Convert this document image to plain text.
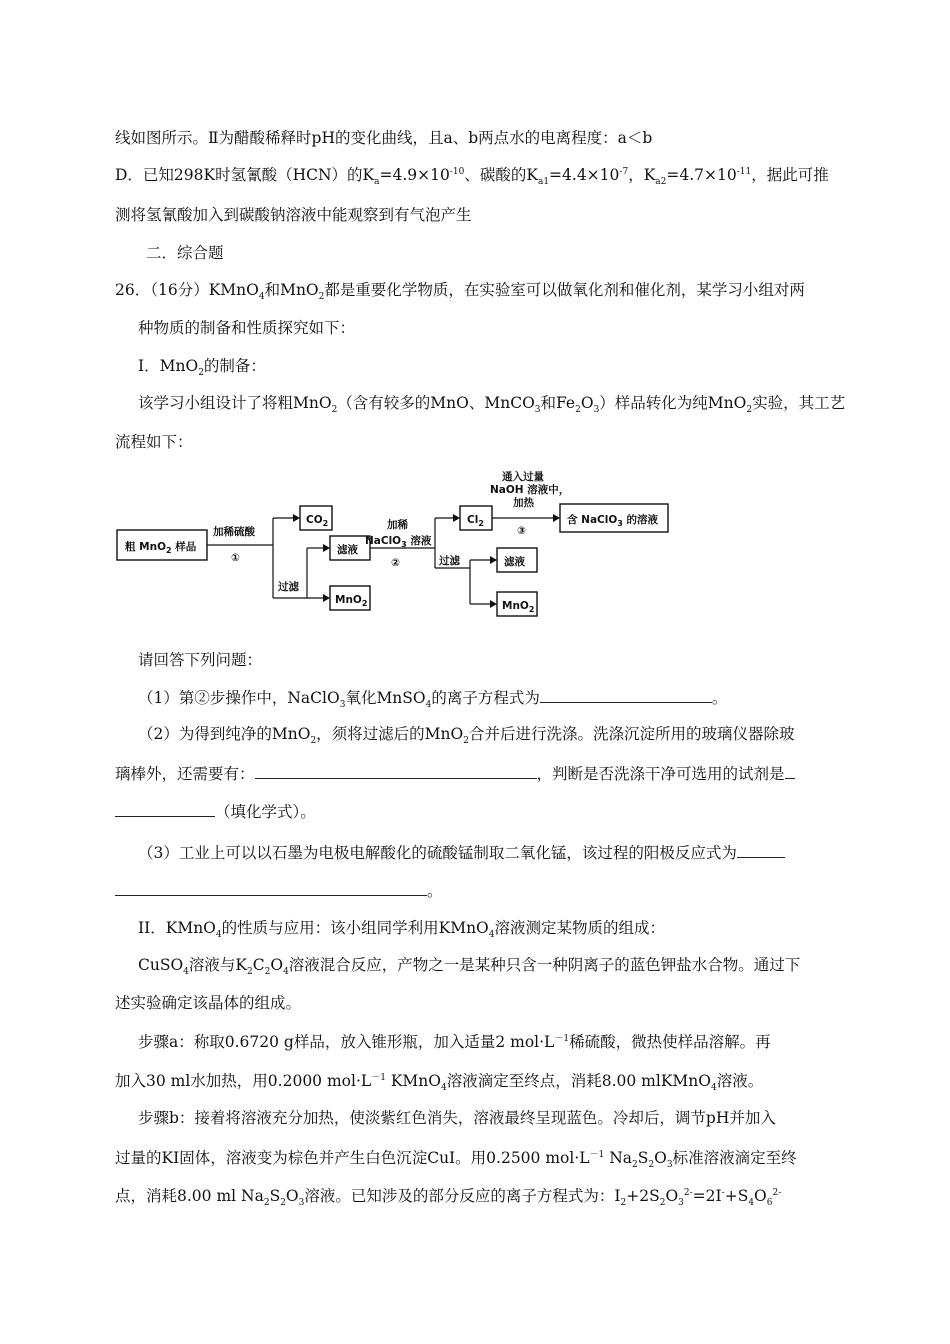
线如图所示。Ⅱ为醋酸稀释时pH的变化曲线，且a、b两点水的电离程度：a＜b
D．已知298K时氢氰酸（HCN）的$K_a=4.9\times 10^{-10}$、碳酸的$K_{a1}=4.4\times 10^{-7}$，$K_{a2}=4.7\times 10^{-11}$，据此可推
测将氢氰酸加入到碳酸钠溶液中能观察到有气泡产生
二．综合题
26．（16分）KMnO$_4$和MnO$_2$都是重要化学物质，在实验室可以做氧化剂和催化剂，某学习小组对两
种物质的制备和性质探究如下：
I．MnO$_2$的制备：
该学习小组设计了将粗MnO$_2$（含有较多的MnO、MnCO$_3$和$Fe_2O_3$）样品转化为纯MnO$_2$实验，其工艺
流程如下：
粗 MnO$_2$ 样品
加稀硫酸
①
$CO_2$
过滤
滤液
MnO$_2$
加稀
NaClO$_3$ 溶液
②
$Cl_2$
过滤	滤液
MnO$_2$
通入过量
NaOH 溶液中，
加热
③
含 NaClO$_3$ 的溶液
请回答下列问题：
（1）第②步操作中，NaClO$_3$氧化MnSO$_4$的离子方程式为	。
（2）为得到纯净的MnO$_2$，须将过滤后的MnO$_2$合并后进行洗涤。洗涤沉淀所用的玻璃仪器除玻
璃棒外，还需要有：	，判断是否洗涤干净可选用的试剂是
（填化学式）。
（3）工业上可以以石墨为电极电解酸化的硫酸锰制取二氧化锰，该过程的阳极反应式为
。
II．KMnO$_4$的性质与应用：该小组同学利用KMnO$_4$溶液测定某物质的组成：
CuSO$_4$溶液与$K_2C_2O_4$溶液混合反应，产物之一是某种只含一种阴离子的蓝色钾盐水合物。通过下
述实验确定该晶体的组成。
步骤a：称取0.6720 g样品，放入锥形瓶，加入适量2 $mol\cdot L^{-1}$稀硫酸，微热使样品溶解。再
加入30 ml水加热，用0.2000 $mol\cdot L^{-1}$ KMnO$_4$溶液滴定至终点，消耗8.00 mlKMnO$_4$溶液。
步骤b：接着将溶液充分加热，使淡紫红色消失，溶液最终呈现蓝色。冷却后，调节pH并加入
过量的KI固体，溶液变为棕色并产生白色沉淀CuI。用0.2500 $mol\cdot L^{-1}$ $Na_2S_2O_3$标准溶液滴定至终
点，消耗8.00 ml $Na_2S_2O_3$溶液。已知涉及的部分反应的离子方程式为：$I_2+2S_2O_3^{2-}=2I^-+S_4O_6^{2-}$
